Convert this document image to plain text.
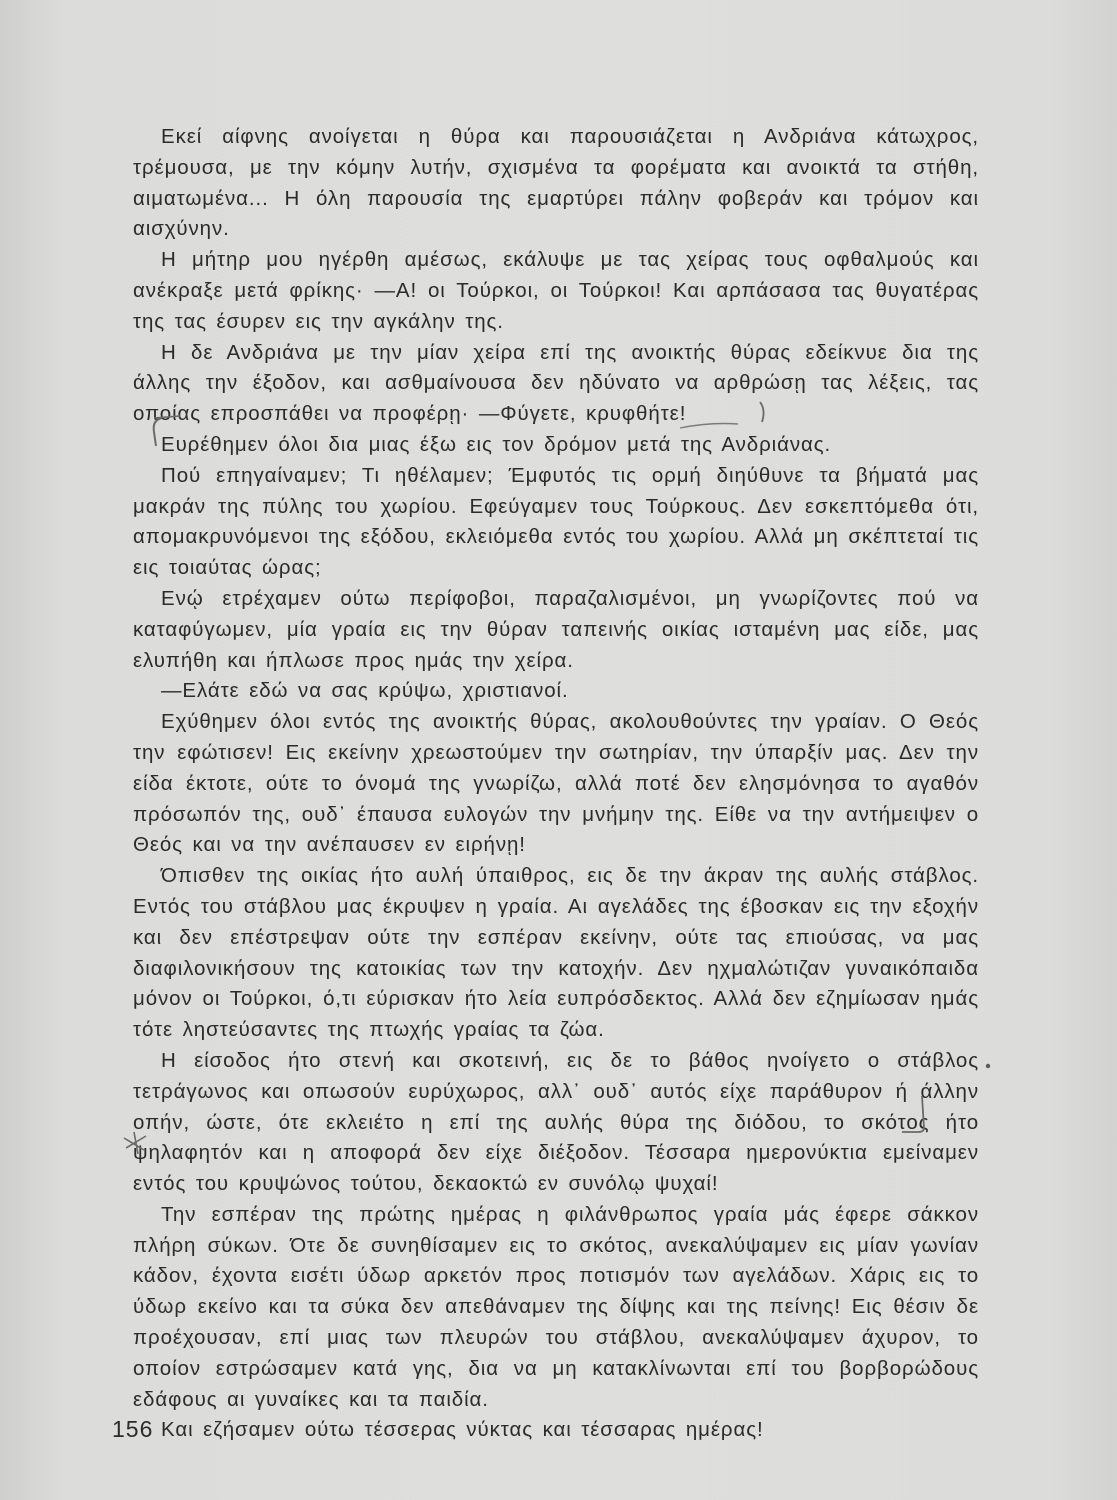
Εκεί αίφνης ανοίγεται η θύρα και παρουσιάζεται η Ανδριάνα κάτωχρος, τρέμουσα, με την κόμην λυτήν, σχισμένα τα φορέματα και ανοικτά τα στήθη, αιματωμένα... Η όλη παρουσία της εμαρτύρει πάλην φοβεράν και τρόμον και αισχύνην.

Η μήτηρ μου ηγέρθη αμέσως, εκάλυψε με τας χείρας τους οφθαλμούς και ανέκραξε μετά φρίκης· —Α! οι Τούρκοι, οι Τούρκοι! Και αρπάσασα τας θυγατέρας της τας έσυρεν εις την αγκάλην της.

Η δε Ανδριάνα με την μίαν χείρα επί της ανοικτής θύρας εδείκνυε δια της άλλης την έξοδον, και ασθμαίνουσα δεν ηδύνατο να αρθρώσῃ τας λέξεις, τας οποίας επροσπάθει να προφέρῃ· —Φύγετε, κρυφθήτε!

Ευρέθημεν όλοι δια μιας έξω εις τον δρόμον μετά της Ανδριάνας.

Πού επηγαίναμεν; Τι ηθέλαμεν; Έμφυτός τις ορμή διηύθυνε τα βήματά μας μακράν της πύλης του χωρίου. Εφεύγαμεν τους Τούρκους. Δεν εσκεπτόμεθα ότι, απομακρυνόμενοι της εξόδου, εκλειόμεθα εντός του χωρίου. Αλλά μη σκέπτεταί τις εις τοιαύτας ώρας;

Ενῴ ετρέχαμεν ούτω περίφοβοι, παραζαλισμένοι, μη γνωρίζοντες πού να καταφύγωμεν, μία γραία εις την θύραν ταπεινής οικίας ισταμένη μας είδε, μας ελυπήθη και ήπλωσε προς ημάς την χείρα.

—Ελάτε εδώ να σας κρύψω, χριστιανοί.

Εχύθημεν όλοι εντός της ανοικτής θύρας, ακολουθούντες την γραίαν. Ο Θεός την εφώτισεν! Εις εκείνην χρεωστούμεν την σωτηρίαν, την ύπαρξίν μας. Δεν την είδα έκτοτε, ούτε το όνομά της γνωρίζω, αλλά ποτέ δεν ελησμόνησα το αγαθόν πρόσωπόν της, ουδ᾽ έπαυσα ευλογών την μνήμην της. Είθε να την αντήμειψεν ο Θεός και να την ανέπαυσεν εν ειρήνῃ!

Όπισθεν της οικίας ήτο αυλή ύπαιθρος, εις δε την άκραν της αυλής στάβλος. Εντός του στάβλου μας έκρυψεν η γραία. Αι αγελάδες της έβοσκαν εις την εξοχήν και δεν επέστρεψαν ούτε την εσπέραν εκείνην, ούτε τας επιούσας, να μας διαφιλονικήσουν της κατοικίας των την κατοχήν. Δεν ηχμαλώτιζαν γυναικόπαιδα μόνον οι Τούρκοι, ό,τι εύρισκαν ήτο λεία ευπρόσδεκτος. Αλλά δεν εζημίωσαν ημάς τότε ληστεύσαντες της πτωχής γραίας τα ζώα.

Η είσοδος ήτο στενή και σκοτεινή, εις δε το βάθος ηνοίγετο ο στάβλος τετράγωνος και οπωσούν ευρύχωρος, αλλ᾽ ουδ᾽ αυτός είχε παράθυρον ή άλλην οπήν, ώστε, ότε εκλειέτο η επί της αυλής θύρα της διόδου, το σκότος ήτο ψηλαφητόν και η αποφορά δεν είχε διέξοδον. Τέσσαρα ημερονύκτια εμείναμεν εντός του κρυψώνος τούτου, δεκαοκτώ εν συνόλῳ ψυχαί!

Την εσπέραν της πρώτης ημέρας η φιλάνθρωπος γραία μάς έφερε σάκκον πλήρη σύκων. Ότε δε συνηθίσαμεν εις το σκότος, ανεκαλύψαμεν εις μίαν γωνίαν κάδον, έχοντα εισέτι ύδωρ αρκετόν προς ποτισμόν των αγελάδων. Χάρις εις το ύδωρ εκείνο και τα σύκα δεν απεθάναμεν της δίψης και της πείνης! Εις θέσιν δε προέχουσαν, επί μιας των πλευρών του στάβλου, ανεκαλύψαμεν άχυρον, το οποίον εστρώσαμεν κατά γης, δια να μη κατακλίνωνται επί του βορβορώδους εδάφους αι γυναίκες και τα παιδία.

Και εζήσαμεν ούτω τέσσερας νύκτας και τέσσαρας ημέρας!

156
